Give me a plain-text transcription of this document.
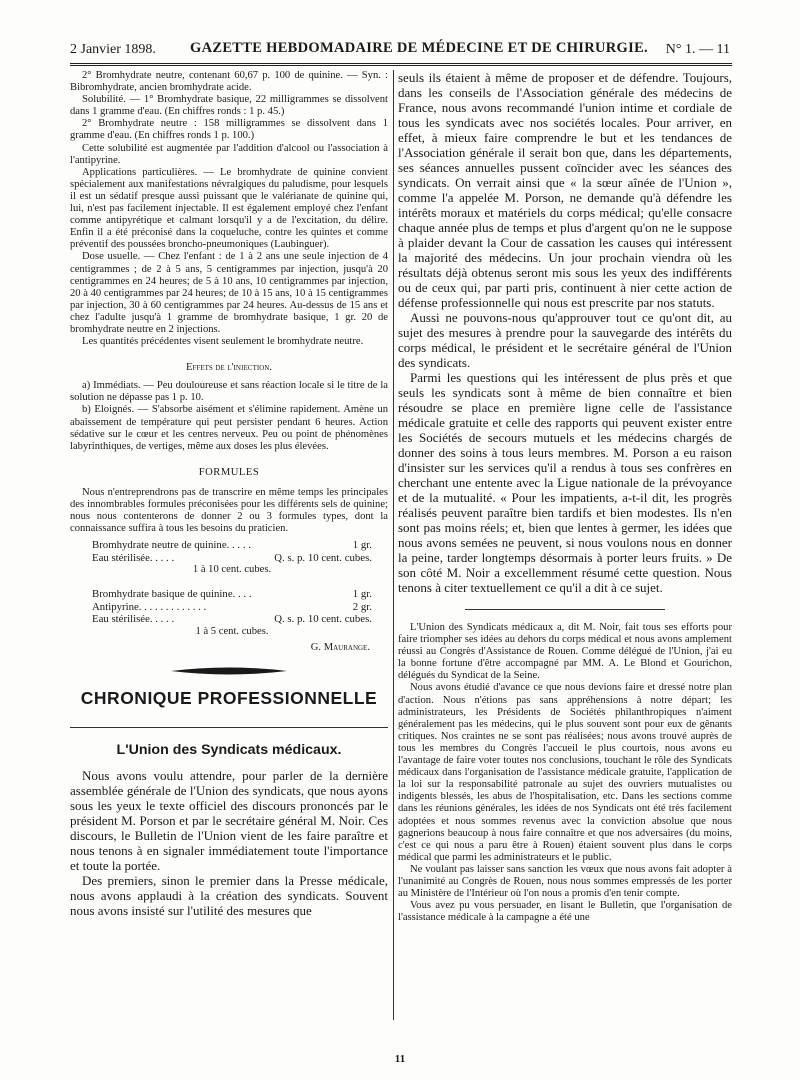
2 Janvier 1898. GAZETTE HEBDOMADAIRE DE MÉDECINE ET DE CHIRURGIE. N° 1. — 11

2° Bromhydrate neutre, contenant 60,67 p. 100 de quinine. — Syn. : Bibromhydrate, ancien bromhydrate acide.

Solubilité. — 1° Bromhydrate basique, 22 milligrammes se dissolvent dans 1 gramme d'eau. (En chiffres ronds : 1 p. 45.)

2° Bromhydrate neutre : 158 milligrammes se dissolvent dans 1 gramme d'eau. (En chiffres ronds 1 p. 100.)

Cette solubilité est augmentée par l'addition d'alcool ou l'association à l'antipyrine.

Applications particulières. — Le bromhydrate de quinine convient spécialement aux manifestations névralgiques du paludisme, pour lesquels il est un sédatif presque aussi puissant que le valérianate de quinine qui, lui, n'est pas facilement injectable. Il est également employé chez l'enfant comme antipyrétique et calmant lorsqu'il y a de l'excitation, du délire. Enfin il a été préconisé dans la coqueluche, contre les quintes et comme préventif des poussées broncho-pneumoniques (Laubinguer).

Dose usuelle. — Chez l'enfant : de 1 à 2 ans une seule injection de 4 centigrammes ; de 2 à 5 ans, 5 centigrammes par injection, jusqu'à 20 centigrammes en 24 heures; de 5 à 10 ans, 10 centigrammes par injection, 20 à 40 centigrammes par 24 heures; de 10 à 15 ans, 10 à 15 centigrammes par injection, 30 à 60 centigrammes par 24 heures. Au-dessus de 15 ans et chez l'adulte jusqu'à 1 gramme de bromhydrate basique, 1 gr. 20 de bromhydrate neutre en 2 injections.

Les quantités précédentes visent seulement le bromhydrate neutre.

Effets de l'injection.

a) Immédiats. — Peu douloureuse et sans réaction locale si le titre de la solution ne dépasse pas 1 p. 10.

b) Eloignés. — S'absorbe aisément et s'élimine rapidement. Amène un abaissement de température qui peut persister pendant 6 heures. Action sédative sur le cœur et les centres nerveux. Peu ou point de phénomènes labyrinthiques, de vertiges, même aux doses les plus élevées.

FORMULES

Nous n'entreprendrons pas de transcrire en même temps les principales des innombrables formules préconisées pour les différents sels de quinine; nous nous contenterons de donner 2 ou 3 formules types, dont la connaissance suffira à tous les besoins du praticien.

Bromhydrate neutre de quinine. . . . .	1 gr.
Eau stérilisée. . . . .	Q. s. p. 10 cent. cubes.
1 à 10 cent. cubes.
Bromhydrate basique de quinine. . . .	1 gr.
Antipyrine. . . . . . . . . . . . .	2 gr.
Eau stérilisée. . . . .	Q. s. p. 10 cent. cubes.
1 à 5 cent. cubes.

G. Maurange.

CHRONIQUE PROFESSIONNELLE

L'Union des Syndicats médicaux.

Nous avons voulu attendre, pour parler de la dernière assemblée générale de l'Union des syndicats, que nous ayons sous les yeux le texte officiel des discours prononcés par le président M. Porson et par le secrétaire général M. Noir. Ces discours, le Bulletin de l'Union vient de les faire paraître et nous tenons à en signaler immédiatement toute l'importance et toute la portée.

Des premiers, sinon le premier dans la Presse médicale, nous avons applaudi à la création des syndicats. Souvent nous avons insisté sur l'utilité des mesures que

seuls ils étaient à même de proposer et de défendre. Toujours, dans les conseils de l'Association générale des médecins de France, nous avons recommandé l'union intime et cordiale de tous les syndicats avec nos sociétés locales. Pour arriver, en effet, à mieux faire comprendre le but et les tendances de l'Association générale il serait bon que, dans les départements, ses séances annuelles pussent coïncider avec les séances des syndicats. On verrait ainsi que « la sœur aînée de l'Union », comme l'a appelée M. Porson, ne demande qu'à défendre les intérêts moraux et matériels du corps médical; qu'elle consacre chaque année plus de temps et plus d'argent qu'on ne le suppose à plaider devant la Cour de cassation les causes qui intéressent la majorité des médecins. Un jour prochain viendra où les résultats déjà obtenus seront mis sous les yeux des indifférents ou de ceux qui, par parti pris, continuent à nier cette action de défense professionnelle qui nous est prescrite par nos statuts.

Aussi ne pouvons-nous qu'approuver tout ce qu'ont dit, au sujet des mesures à prendre pour la sauvegarde des intérêts du corps médical, le président et le secrétaire général de l'Union des syndicats.

Parmi les questions qui les intéressent de plus près et que seuls les syndicats sont à même de bien connaître et bien résoudre se place en première ligne celle de l'assistance médicale gratuite et celle des rapports qui peuvent exister entre les Sociétés de secours mutuels et les médecins chargés de donner des soins à tous leurs membres. M. Porson a eu raison d'insister sur les services qu'il a rendus à tous ses confrères en cherchant une entente avec la Ligue nationale de la prévoyance et de la mutualité. « Pour les impatients, a-t-il dit, les progrès réalisés peuvent paraître bien tardifs et bien modestes. Ils n'en sont pas moins réels; et, bien que lentes à germer, les idées que nous avons semées ne peuvent, si nous voulons nous en donner la peine, tarder longtemps désormais à porter leurs fruits. » De son côté M. Noir a excellemment résumé cette question. Nous tenons à citer textuellement ce qu'il a dit à ce sujet.

L'Union des Syndicats médicaux a, dit M. Noir, fait tous ses efforts pour faire triompher ses idées au dehors du corps médical et nous avons amplement réussi au Congrès d'Assistance de Rouen. Comme délégué de l'Union, j'ai eu la bonne fortune d'être accompagné par MM. A. Le Blond et Gourichon, délégués du Syndicat de la Seine.

Nous avons étudié d'avance ce que nous devions faire et dressé notre plan d'action. Nous n'étions pas sans appréhensions à notre départ; les administrateurs, les Présidents de Sociétés philanthropiques n'aiment généralement pas les médecins, qui le plus souvent sont pour eux de gênants critiques. Nos craintes ne se sont pas réalisées; nous avons trouvé auprès de tous les membres du Congrès l'accueil le plus courtois, nous avons eu l'avantage de faire voter toutes nos conclusions, touchant le rôle des Syndicats médicaux dans l'organisation de l'assistance médicale gratuite, l'application de la loi sur la responsabilité patronale au sujet des ouvriers mutualistes ou indigents blessés, les abus de l'hospitalisation, etc. Dans les sections comme dans les réunions générales, les idées de nos Syndicats ont été très facilement adoptées et nous sommes revenus avec la conviction absolue que nous gagnerions beaucoup à nous faire connaître et que nos adversaires (du moins, c'est ce qui nous a paru être à Rouen) étaient souvent plus dans le corps médical que parmi les administrateurs et le public.

Ne voulant pas laisser sans sanction les vœux que nous avons fait adopter à l'unanimité au Congrès de Rouen, nous nous sommes empressés de les porter au Ministère de l'Intérieur où l'on nous a promis d'en tenir compte.

Vous avez pu vous persuader, en lisant le Bulletin, que l'organisation de l'assistance médicale à la campagne a été une

11
